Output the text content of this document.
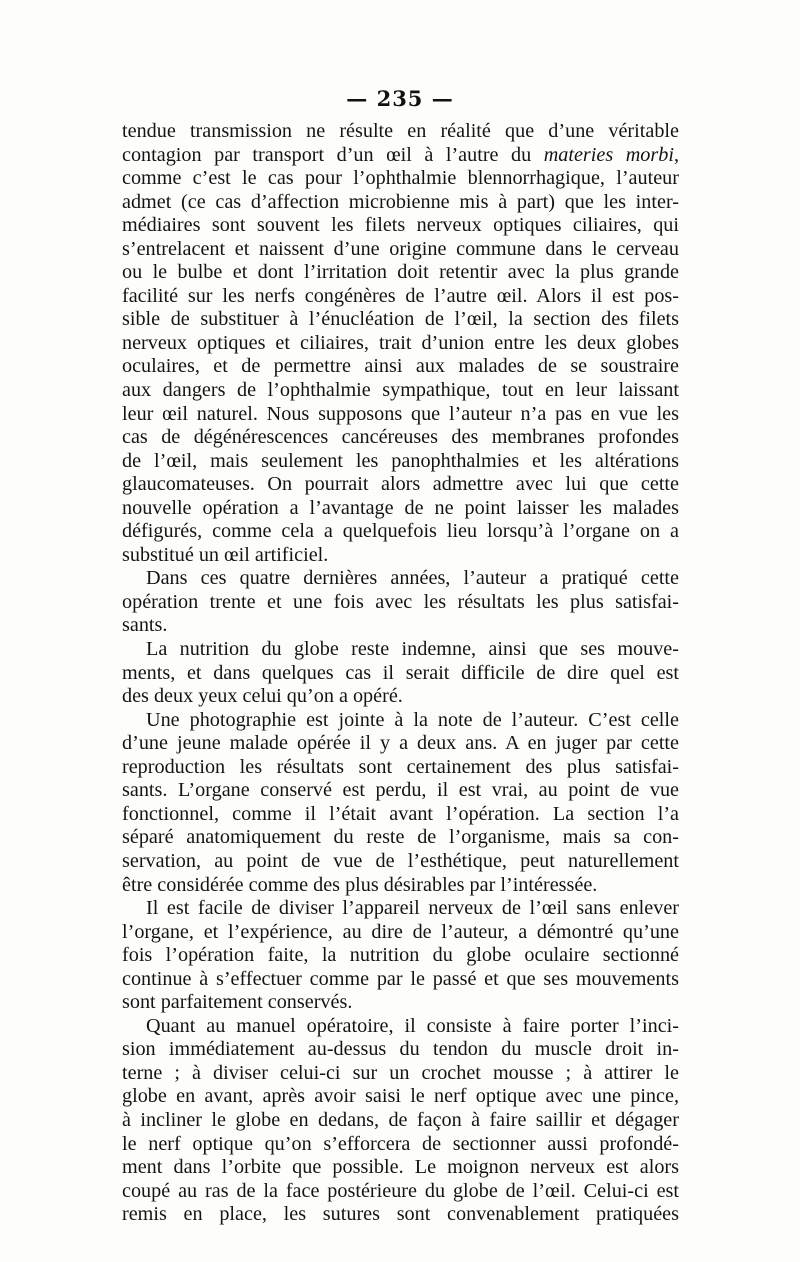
— 235 —
tendue transmission ne résulte en réalité que d’une véritable
contagion par transport d’un œil à l’autre du materies morbi,
comme c’est le cas pour l’ophthalmie blennorrhagique, l’auteur
admet (ce cas d’affection microbienne mis à part) que les inter-
médiaires sont souvent les filets nerveux optiques ciliaires, qui
s’entrelacent et naissent d’une origine commune dans le cerveau
ou le bulbe et dont l’irritation doit retentir avec la plus grande
facilité sur les nerfs congénères de l’autre œil. Alors il est pos-
sible de substituer à l’énucléation de l’œil, la section des filets
nerveux optiques et ciliaires, trait d’union entre les deux globes
oculaires, et de permettre ainsi aux malades de se soustraire
aux dangers de l’ophthalmie sympathique, tout en leur laissant
leur œil naturel. Nous supposons que l’auteur n’a pas en vue les
cas de dégénérescences cancéreuses des membranes profondes
de l’œil, mais seulement les panophthalmies et les altérations
glaucomateuses. On pourrait alors admettre avec lui que cette
nouvelle opération a l’avantage de ne point laisser les malades
défigurés, comme cela a quelquefois lieu lorsqu’à l’organe on a
substitué un œil artificiel.
Dans ces quatre dernières années, l’auteur a pratiqué cette
opération trente et une fois avec les résultats les plus satisfai-
sants.
La nutrition du globe reste indemne, ainsi que ses mouve-
ments, et dans quelques cas il serait difficile de dire quel est
des deux yeux celui qu’on a opéré.
Une photographie est jointe à la note de l’auteur. C’est celle
d’une jeune malade opérée il y a deux ans. A en juger par cette
reproduction les résultats sont certainement des plus satisfai-
sants. L’organe conservé est perdu, il est vrai, au point de vue
fonctionnel, comme il l’était avant l’opération. La section l’a
séparé anatomiquement du reste de l’organisme, mais sa con-
servation, au point de vue de l’esthétique, peut naturellement
être considérée comme des plus désirables par l’intéressée.
Il est facile de diviser l’appareil nerveux de l’œil sans enlever
l’organe, et l’expérience, au dire de l’auteur, a démontré qu’une
fois l’opération faite, la nutrition du globe oculaire sectionné
continue à s’effectuer comme par le passé et que ses mouvements
sont parfaitement conservés.
Quant au manuel opératoire, il consiste à faire porter l’inci-
sion immédiatement au-dessus du tendon du muscle droit in-
terne ; à diviser celui-ci sur un crochet mousse ; à attirer le
globe en avant, après avoir saisi le nerf optique avec une pince,
à incliner le globe en dedans, de façon à faire saillir et dégager
le nerf optique qu’on s’efforcera de sectionner aussi profondé-
ment dans l’orbite que possible. Le moignon nerveux est alors
coupé au ras de la face postérieure du globe de l’œil. Celui-ci est
remis en place, les sutures sont convenablement pratiquées
